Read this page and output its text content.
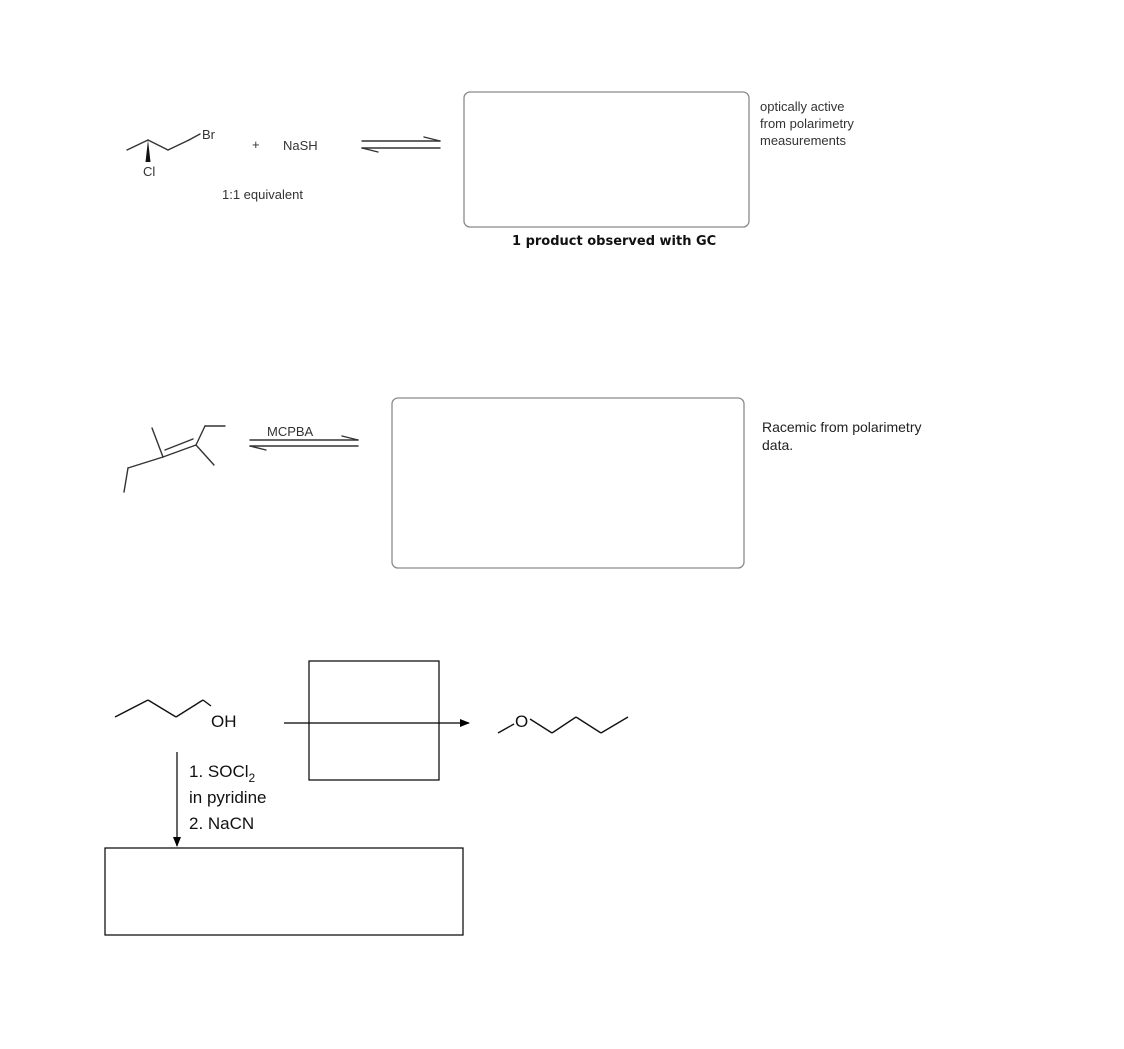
Br
Cl
+ NaSH
1:1 equivalent
optically active from polarimetry measurements
1 product observed with GC
MCPBA	Racemic from polarimetry data.
OH	O
1. SOCl$_2$
in pyridine
2. NaCN
